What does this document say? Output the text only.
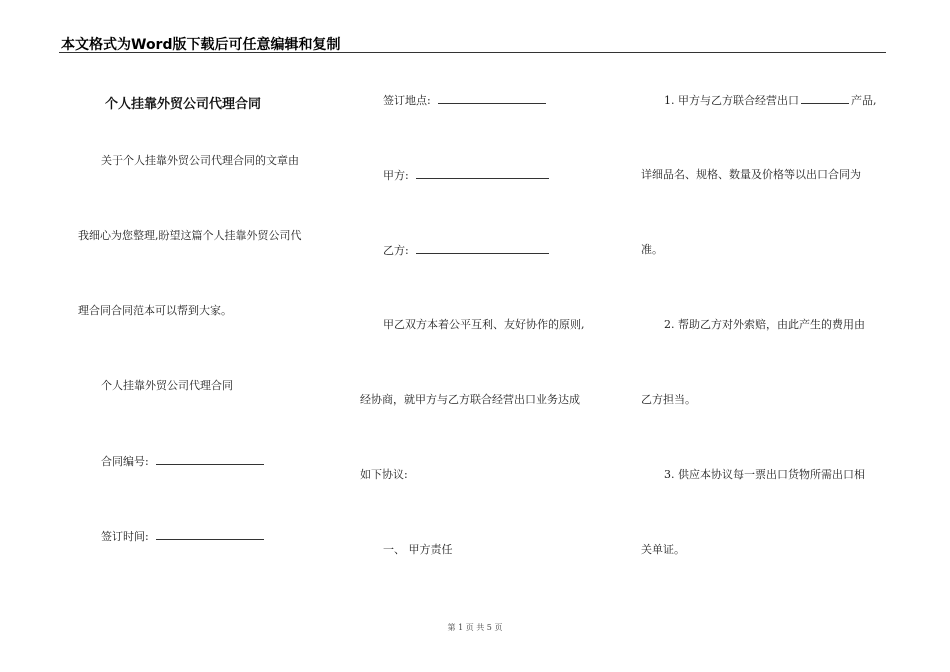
本文格式为Word版下载后可任意编辑和复制
个人挂靠外贸公司代理合同
关于个人挂靠外贸公司代理合同的文章由
我细心为您整理,盼望这篇个人挂靠外贸公司代
理合同合同范本可以帮到大家。
个人挂靠外贸公司代理合同
合同编号:
签订时间:
签订地点:
甲方:
乙方:
甲乙双方本着公平互利、友好协作的原则,
经协商，就甲方与乙方联合经营出口业务达成
如下协议:
一、 甲方责任
1. 甲方与乙方联合经营出口	产品,
详细品名、规格、数量及价格等以出口合同为
准。
2. 帮助乙方对外索赔，由此产生的费用由
乙方担当。
3. 供应本协议每一票出口货物所需出口相
关单证。
第 1 页 共 5 页
